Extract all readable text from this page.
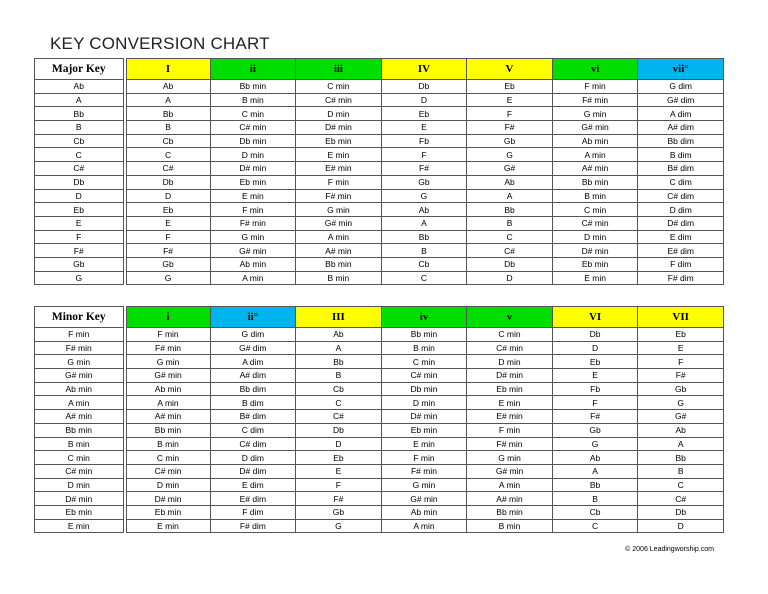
KEY CONVERSION CHART
Major Key	I	ii	iii	IV	V	vi	vii°
Ab	Ab	Bb min	C min	Db	Eb	F min	G dim
A	A	B min	C# min	D	E	F# min	G# dim
Bb	Bb	C min	D min	Eb	F	G min	A dim
B	B	C# min	D# min	E	F#	G# min	A# dim
Cb	Cb	Db min	Eb min	Fb	Gb	Ab min	Bb dim
C	C	D min	E min	F	G	A min	B dim
C#	C#	D# min	E# min	F#	G#	A# min	B# dim
Db	Db	Eb min	F min	Gb	Ab	Bb min	C dim
D	D	E min	F# min	G	A	B min	C# dim
Eb	Eb	F min	G min	Ab	Bb	C min	D dim
E	E	F# min	G# min	A	B	C# min	D# dim
F	F	G min	A min	Bb	C	D min	E dim
F#	F#	G# min	A# min	B	C#	D# min	E# dim
Gb	Gb	Ab min	Bb min	Cb	Db	Eb min	F dim
G	G	A min	B min	C	D	E min	F# dim
Minor Key	i	ii°	III	iv	v	VI	VII
F min	F min	G dim	Ab	Bb min	C min	Db	Eb
F# min	F# min	G# dim	A	B min	C# min	D	E
G min	G min	A dim	Bb	C min	D min	Eb	F
G# min	G# min	A# dim	B	C# min	D# min	E	F#
Ab min	Ab min	Bb dim	Cb	Db min	Eb min	Fb	Gb
A min	A min	B dim	C	D min	E min	F	G
A# min	A# min	B# dim	C#	D# min	E# min	F#	G#
Bb min	Bb min	C dim	Db	Eb min	F min	Gb	Ab
B min	B min	C# dim	D	E min	F# min	G	A
C min	C min	D dim	Eb	F min	G min	Ab	Bb
C# min	C# min	D# dim	E	F# min	G# min	A	B
D min	D min	E dim	F	G min	A min	Bb	C
D# min	D# min	E# dim	F#	G# min	A# min	B	C#
Eb min	Eb min	F dim	Gb	Ab min	Bb min	Cb	Db
E min	E min	F# dim	G	A min	B min	C	D
© 2006 Leadingworship.com
